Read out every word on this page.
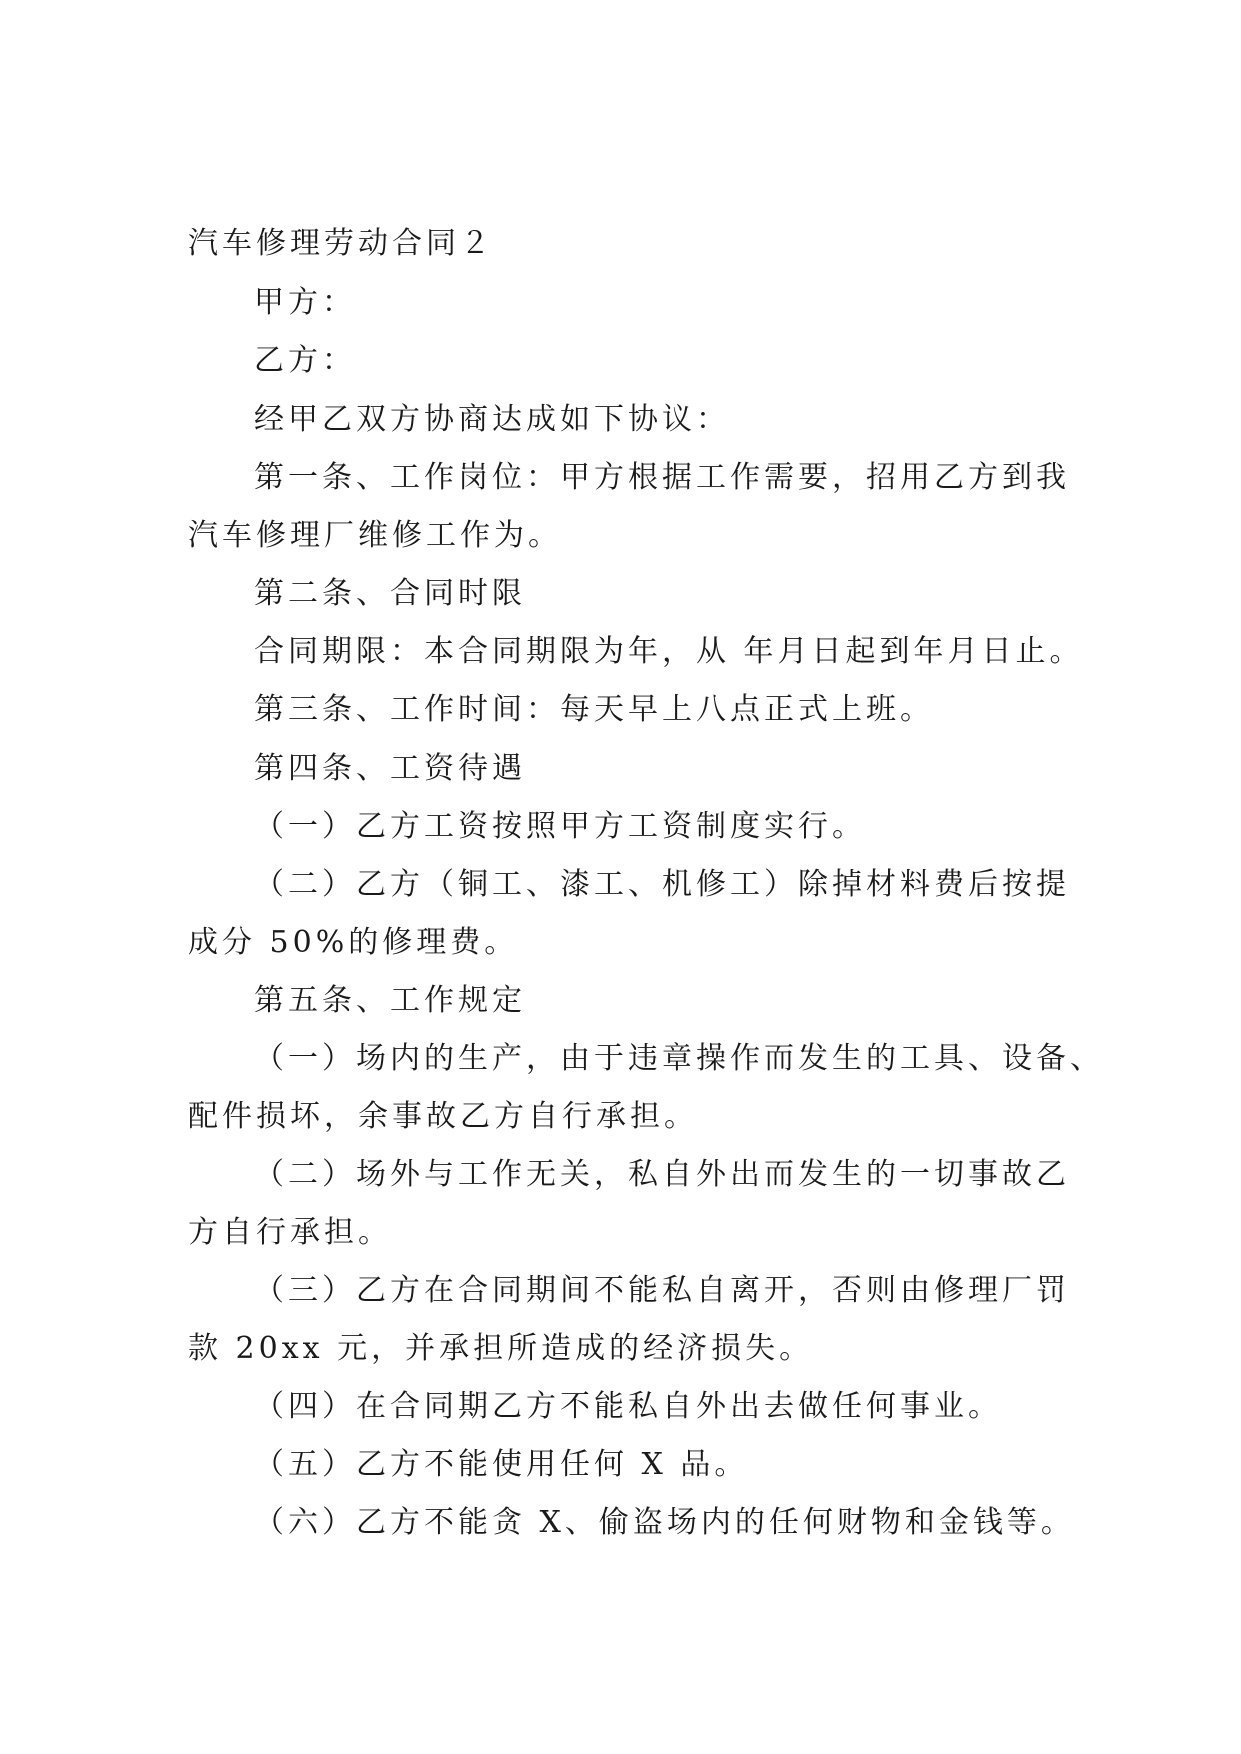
汽车修理劳动合同２
甲方：
乙方：
经甲乙双方协商达成如下协议：
第一条、工作岗位：甲方根据工作需要，招用乙方到我
汽车修理厂维修工作为。
第二条、合同时限
合同期限：本合同期限为年，从 年月日起到年月日止。
第三条、工作时间：每天早上八点正式上班。
第四条、工资待遇
（一）乙方工资按照甲方工资制度实行。
（二）乙方（铜工、漆工、机修工）除掉材料费后按提
成分 50%的修理费。
第五条、工作规定
（一）场内的生产，由于违章操作而发生的工具、设备、
配件损坏，余事故乙方自行承担。
（二）场外与工作无关，私自外出而发生的一切事故乙
方自行承担。
（三）乙方在合同期间不能私自离开，否则由修理厂罚
款 20xx 元，并承担所造成的经济损失。
（四）在合同期乙方不能私自外出去做任何事业。
（五）乙方不能使用任何 X 品。
（六）乙方不能贪 X、偷盗场内的任何财物和金钱等。
